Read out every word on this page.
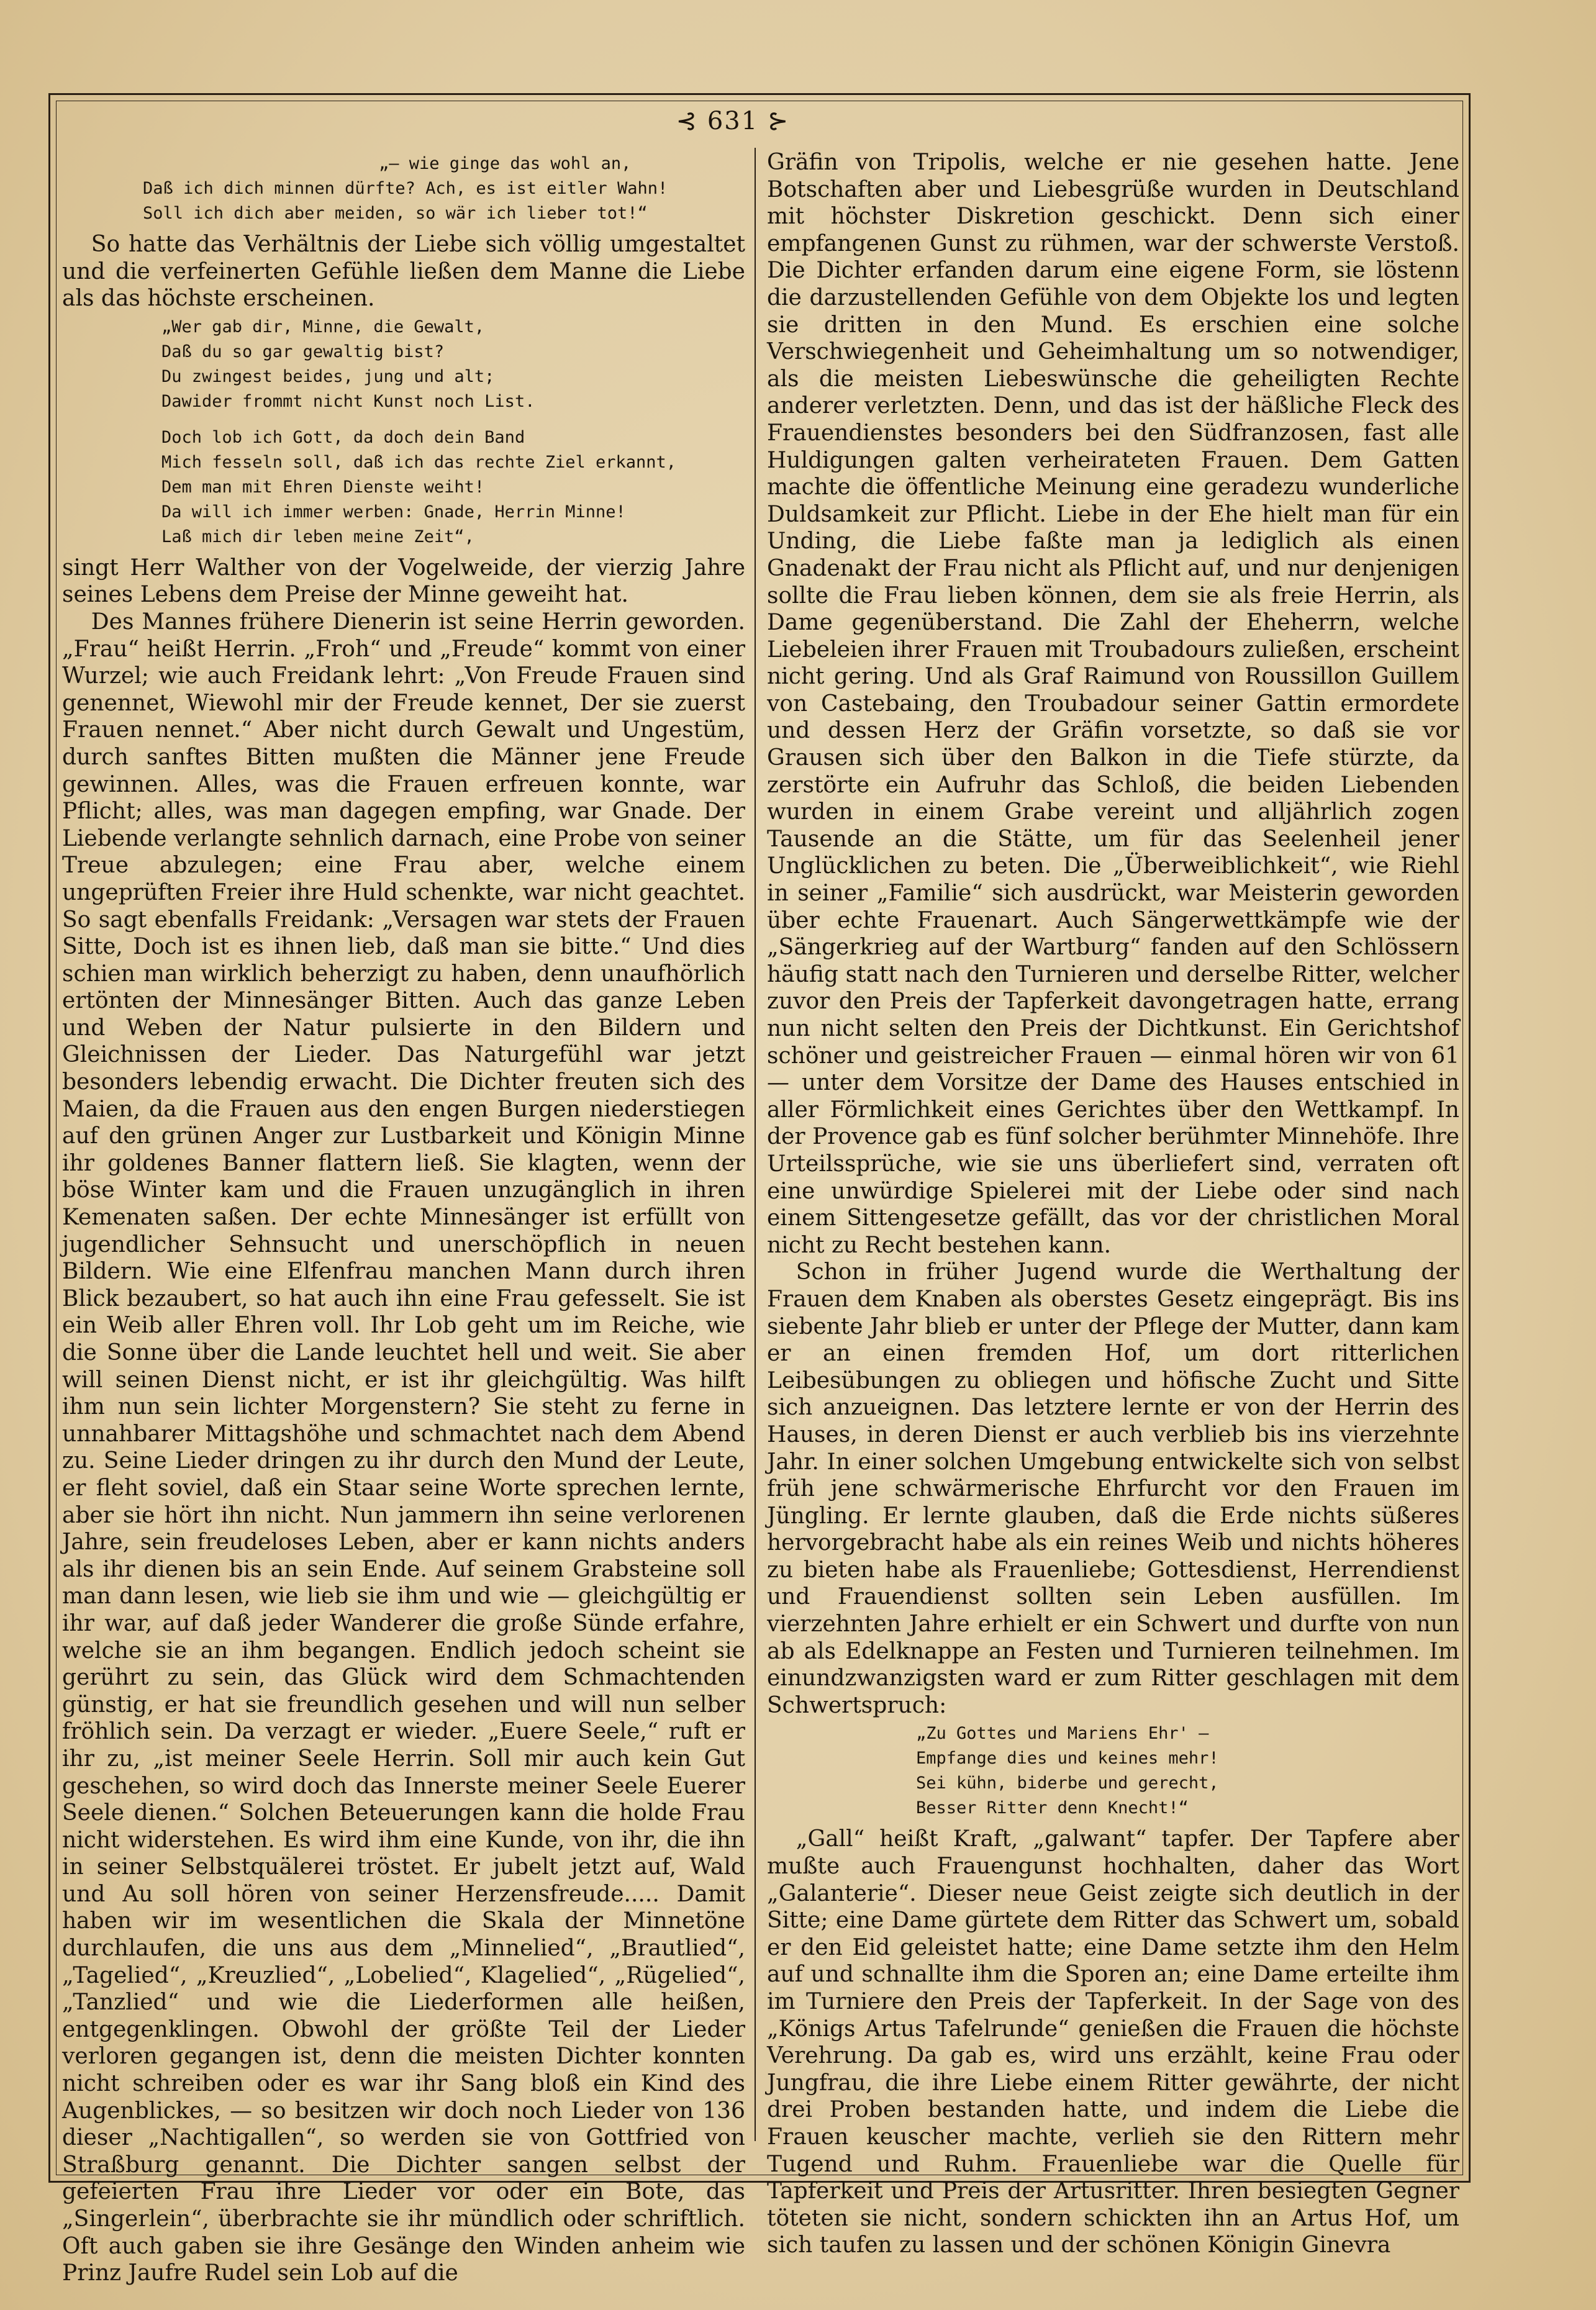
⊰ 631 ⊱
„— wie ginge das wohl an,
Daß ich dich minnen dürfte? Ach, es ist eitler Wahn!
Soll ich dich aber meiden, so wär ich lieber tot!“

So hatte das Verhältnis der Liebe sich völlig umgestaltet und die verfeinerten Gefühle ließen dem Manne die Liebe als das höchste erscheinen.

„Wer gab dir, Minne, die Gewalt,
Daß du so gar gewaltig bist?
Du zwingest beides, jung und alt;
Dawider frommt nicht Kunst noch List.
Doch lob ich Gott, da doch dein Band
Mich fesseln soll, daß ich das rechte Ziel erkannt,
Dem man mit Ehren Dienste weiht!
Da will ich immer werben: Gnade, Herrin Minne!
Laß mich dir leben meine Zeit“,

singt Herr Walther von der Vogelweide, der vierzig Jahre seines Lebens dem Preise der Minne geweiht hat.

Des Mannes frühere Dienerin ist seine Herrin geworden. „Frau“ heißt Herrin. „Froh“ und „Freude“ kommt von einer Wurzel; wie auch Freidank lehrt: „Von Freude Frauen sind genennet, Wiewohl mir der Freude kennet, Der sie zuerst Frauen nennet.“ Aber nicht durch Gewalt und Ungestüm, durch sanftes Bitten mußten die Männer jene Freude gewinnen. Alles, was die Frauen erfreuen konnte, war Pflicht; alles, was man dagegen empfing, war Gnade. Der Liebende verlangte sehnlich darnach, eine Probe von seiner Treue abzulegen; eine Frau aber, welche einem ungeprüften Freier ihre Huld schenkte, war nicht geachtet. So sagt ebenfalls Freidank: „Versagen war stets der Frauen Sitte, Doch ist es ihnen lieb, daß man sie bitte.“ Und dies schien man wirklich beherzigt zu haben, denn unaufhörlich ertönten der Minnesänger Bitten. Auch das ganze Leben und Weben der Natur pulsierte in den Bildern und Gleichnissen der Lieder. Das Naturgefühl war jetzt besonders lebendig erwacht. Die Dichter freuten sich des Maien, da die Frauen aus den engen Burgen niederstiegen auf den grünen Anger zur Lustbarkeit und Königin Minne ihr goldenes Banner flattern ließ. Sie klagten, wenn der böse Winter kam und die Frauen unzugänglich in ihren Kemenaten saßen. Der echte Minnesänger ist erfüllt von jugendlicher Sehnsucht und unerschöpflich in neuen Bildern. Wie eine Elfenfrau manchen Mann durch ihren Blick bezaubert, so hat auch ihn eine Frau gefesselt. Sie ist ein Weib aller Ehren voll. Ihr Lob geht um im Reiche, wie die Sonne über die Lande leuchtet hell und weit. Sie aber will seinen Dienst nicht, er ist ihr gleichgültig. Was hilft ihm nun sein lichter Morgenstern? Sie steht zu ferne in unnahbarer Mittagshöhe und schmachtet nach dem Abend zu. Seine Lieder dringen zu ihr durch den Mund der Leute, er fleht soviel, daß ein Staar seine Worte sprechen lernte, aber sie hört ihn nicht. Nun jammern ihn seine verlorenen Jahre, sein freudeloses Leben, aber er kann nichts anders als ihr dienen bis an sein Ende. Auf seinem Grabsteine soll man dann lesen, wie lieb sie ihm und wie — gleichgültig er ihr war, auf daß jeder Wanderer die große Sünde erfahre, welche sie an ihm begangen. Endlich jedoch scheint sie gerührt zu sein, das Glück wird dem Schmachtenden günstig, er hat sie freundlich gesehen und will nun selber fröhlich sein. Da verzagt er wieder. „Euere Seele,“ ruft er ihr zu, „ist meiner Seele Herrin. Soll mir auch kein Gut geschehen, so wird doch das Innerste meiner Seele Euerer Seele dienen.“ Solchen Beteuerungen kann die holde Frau nicht widerstehen. Es wird ihm eine Kunde, von ihr, die ihn in seiner Selbstquälerei tröstet. Er jubelt jetzt auf, Wald und Au soll hören von seiner Herzensfreude..... Damit haben wir im wesentlichen die Skala der Minnetöne durchlaufen, die uns aus dem „Minnelied“, „Brautlied“, „Tagelied“, „Kreuzlied“, „Lobelied“, Klagelied“, „Rügelied“, „Tanzlied“ und wie die Liederformen alle heißen, entgegenklingen. Obwohl der größte Teil der Lieder verloren gegangen ist, denn die meisten Dichter konnten nicht schreiben oder es war ihr Sang bloß ein Kind des Augenblickes, — so besitzen wir doch noch Lieder von 136 dieser „Nachtigallen“, so werden sie von Gottfried von Straßburg genannt. Die Dichter sangen selbst der gefeierten Frau ihre Lieder vor oder ein Bote, das „Singerlein“, überbrachte sie ihr mündlich oder schriftlich. Oft auch gaben sie ihre Gesänge den Winden anheim wie Prinz Jaufre Rudel sein Lob auf die

Gräfin von Tripolis, welche er nie gesehen hatte. Jene Botschaften aber und Liebesgrüße wurden in Deutschland mit höchster Diskretion geschickt. Denn sich einer empfangenen Gunst zu rühmen, war der schwerste Verstoß. Die Dichter erfanden darum eine eigene Form, sie löstenn die darzustellenden Gefühle von dem Objekte los und legten sie dritten in den Mund. Es erschien eine solche Verschwiegenheit und Geheimhaltung um so notwendiger, als die meisten Liebeswünsche die geheiligten Rechte anderer verletzten. Denn, und das ist der häßliche Fleck des Frauendienstes besonders bei den Südfranzosen, fast alle Huldigungen galten verheirateten Frauen. Dem Gatten machte die öffentliche Meinung eine geradezu wunderliche Duldsamkeit zur Pflicht. Liebe in der Ehe hielt man für ein Unding, die Liebe faßte man ja lediglich als einen Gnadenakt der Frau nicht als Pflicht auf, und nur denjenigen sollte die Frau lieben können, dem sie als freie Herrin, als Dame gegenüberstand. Die Zahl der Eheherrn, welche Liebeleien ihrer Frauen mit Troubadours zuließen, erscheint nicht gering. Und als Graf Raimund von Roussillon Guillem von Castebaing, den Troubadour seiner Gattin ermordete und dessen Herz der Gräfin vorsetzte, so daß sie vor Grausen sich über den Balkon in die Tiefe stürzte, da zerstörte ein Aufruhr das Schloß, die beiden Liebenden wurden in einem Grabe vereint und alljährlich zogen Tausende an die Stätte, um für das Seelenheil jener Unglücklichen zu beten. Die „Überweiblichkeit“, wie Riehl in seiner „Familie“ sich ausdrückt, war Meisterin geworden über echte Frauenart. Auch Sängerwettkämpfe wie der „Sängerkrieg auf der Wartburg“ fanden auf den Schlössern häufig statt nach den Turnieren und derselbe Ritter, welcher zuvor den Preis der Tapferkeit davongetragen hatte, errang nun nicht selten den Preis der Dichtkunst. Ein Gerichtshof schöner und geistreicher Frauen — einmal hören wir von 61 — unter dem Vorsitze der Dame des Hauses entschied in aller Förmlichkeit eines Gerichtes über den Wettkampf. In der Provence gab es fünf solcher berühmter Minnehöfe. Ihre Urteilssprüche, wie sie uns überliefert sind, verraten oft eine unwürdige Spielerei mit der Liebe oder sind nach einem Sittengesetze gefällt, das vor der christlichen Moral nicht zu Recht bestehen kann.

Schon in früher Jugend wurde die Werthaltung der Frauen dem Knaben als oberstes Gesetz eingeprägt. Bis ins siebente Jahr blieb er unter der Pflege der Mutter, dann kam er an einen fremden Hof, um dort ritterlichen Leibesübungen zu obliegen und höfische Zucht und Sitte sich anzueignen. Das letztere lernte er von der Herrin des Hauses, in deren Dienst er auch verblieb bis ins vierzehnte Jahr. In einer solchen Umgebung entwickelte sich von selbst früh jene schwärmerische Ehrfurcht vor den Frauen im Jüngling. Er lernte glauben, daß die Erde nichts süßeres hervorgebracht habe als ein reines Weib und nichts höheres zu bieten habe als Frauenliebe; Gottesdienst, Herrendienst und Frauendienst sollten sein Leben ausfüllen. Im vierzehnten Jahre erhielt er ein Schwert und durfte von nun ab als Edelknappe an Festen und Turnieren teilnehmen. Im einundzwanzigsten ward er zum Ritter geschlagen mit dem Schwertspruch:

„Zu Gottes und Mariens Ehr' —
Empfange dies und keines mehr!
Sei kühn, biderbe und gerecht,
Besser Ritter denn Knecht!“

„Gall“ heißt Kraft, „galwant“ tapfer. Der Tapfere aber mußte auch Frauengunst hochhalten, daher das Wort „Galanterie“. Dieser neue Geist zeigte sich deutlich in der Sitte; eine Dame gürtete dem Ritter das Schwert um, sobald er den Eid geleistet hatte; eine Dame setzte ihm den Helm auf und schnallte ihm die Sporen an; eine Dame erteilte ihm im Turniere den Preis der Tapferkeit. In der Sage von des „Königs Artus Tafelrunde“ genießen die Frauen die höchste Verehrung. Da gab es, wird uns erzählt, keine Frau oder Jungfrau, die ihre Liebe einem Ritter gewährte, der nicht drei Proben bestanden hatte, und indem die Liebe die Frauen keuscher machte, verlieh sie den Rittern mehr Tugend und Ruhm. Frauenliebe war die Quelle für Tapferkeit und Preis der Artusritter. Ihren besiegten Gegner töteten sie nicht, sondern schickten ihn an Artus Hof, um sich taufen zu lassen und der schönen Königin Ginevra
